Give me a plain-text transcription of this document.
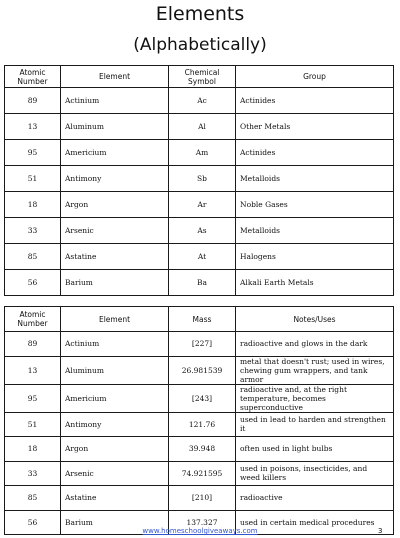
Elements
(Alphabetically)
Atomic Number	Element	Chemical Symbol	Group
89	Actinium	Ac	Actinides
13	Aluminum	Al	Other Metals
95	Americium	Am	Actinides
51	Antimony	Sb	Metalloids
18	Argon	Ar	Noble Gases
33	Arsenic	As	Metalloids
85	Astatine	At	Halogens
56	Barium	Ba	Alkali Earth Metals
Atomic Number	Element	Mass	Notes/Uses
89	Actinium	[227]	radioactive and glows in the dark
13	Aluminum	26.981539	metal that doesn't rust; used in wires, chewing gum wrappers, and tank armor
95	Americium	[243]	radioactive and, at the right temperature, becomes superconductive
51	Antimony	121.76	used in lead to harden and strengthen it
18	Argon	39.948	often used in light bulbs
33	Arsenic	74.921595	used in poisons, insecticides, and weed killers
85	Astatine	[210]	radioactive
56	Barium	137.327	used in certain medical procedures
www.homeschoolgiveaways.com	3
